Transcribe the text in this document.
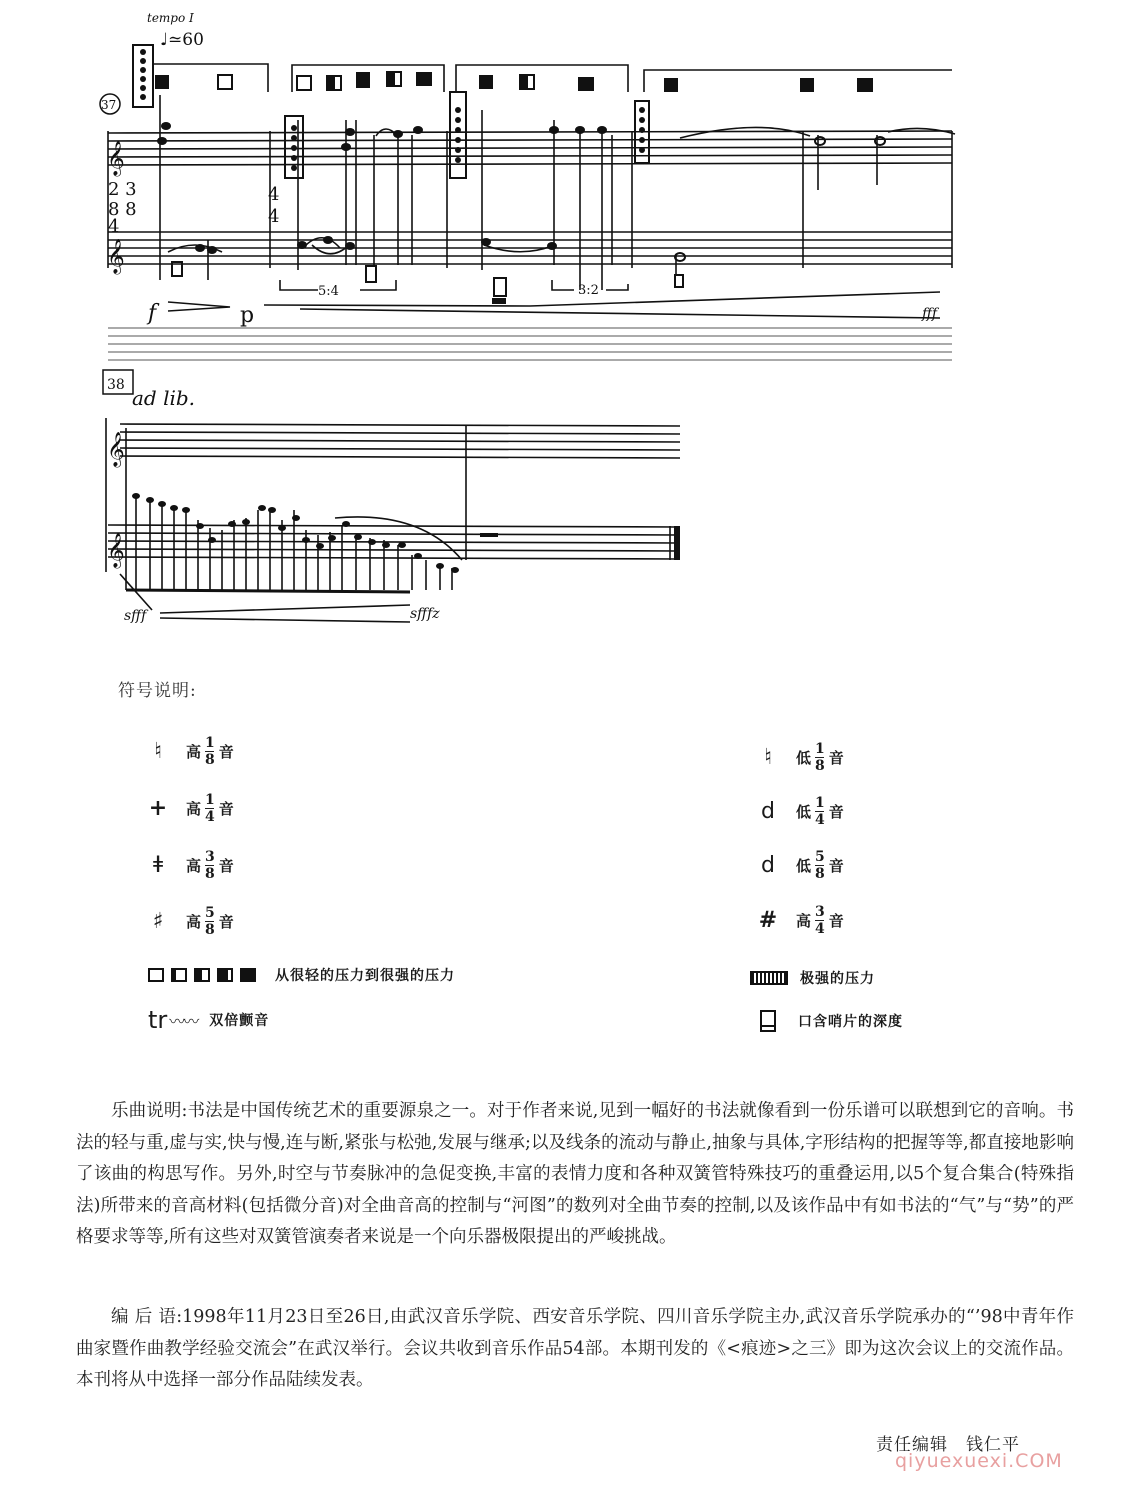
tempo I
♩≃60
37
2 3
8 8
4
4
4
5:4	3:2
f	p	fff
38
ad lib.
sfff	sfffz
𝄞
𝄞
𝄞
𝄞
符号说明:
♮	高 $\frac{1}{8}$ 音
+	高 $\frac{1}{4}$ 音
ǂ	高 $\frac{3}{8}$ 音
♯	高 $\frac{5}{8}$ 音
从很轻的压力到很强的压力
tr 〰〰 双倍颤音
♮	低 $\frac{1}{8}$ 音
d	低 $\frac{1}{4}$ 音
d	低 $\frac{5}{8}$ 音
#	高 $\frac{3}{4}$ 音
极强的压力
口含哨片的深度

乐曲说明:书法是中国传统艺术的重要源泉之一。对于作者来说,见到一幅好的书法就像看到一份乐谱可以联想到它的音响。书法的轻与重,虚与实,快与慢,连与断,紧张与松弛,发展与继承;以及线条的流动与静止,抽象与具体,字形结构的把握等等,都直接地影响了该曲的构思写作。另外,时空与节奏脉冲的急促变换,丰富的表情力度和各种双簧管特殊技巧的重叠运用,以5个复合集合(特殊指法)所带来的音高材料(包括微分音)对全曲音高的控制与“河图”的数列对全曲节奏的控制,以及该作品中有如书法的“气”与“势”的严格要求等等,所有这些对双簧管演奏者来说是一个向乐器极限提出的严峻挑战。

编 后 语:1998年11月23日至26日,由武汉音乐学院、西安音乐学院、四川音乐学院主办,武汉音乐学院承办的“’98中青年作曲家暨作曲教学经验交流会”在武汉举行。会议共收到音乐作品54部。本期刊发的《<痕迹>之三》即为这次会议上的交流作品。本刊将从中选择一部分作品陆续发表。

责任编辑　钱仁平
qiyuexuexi.COM
